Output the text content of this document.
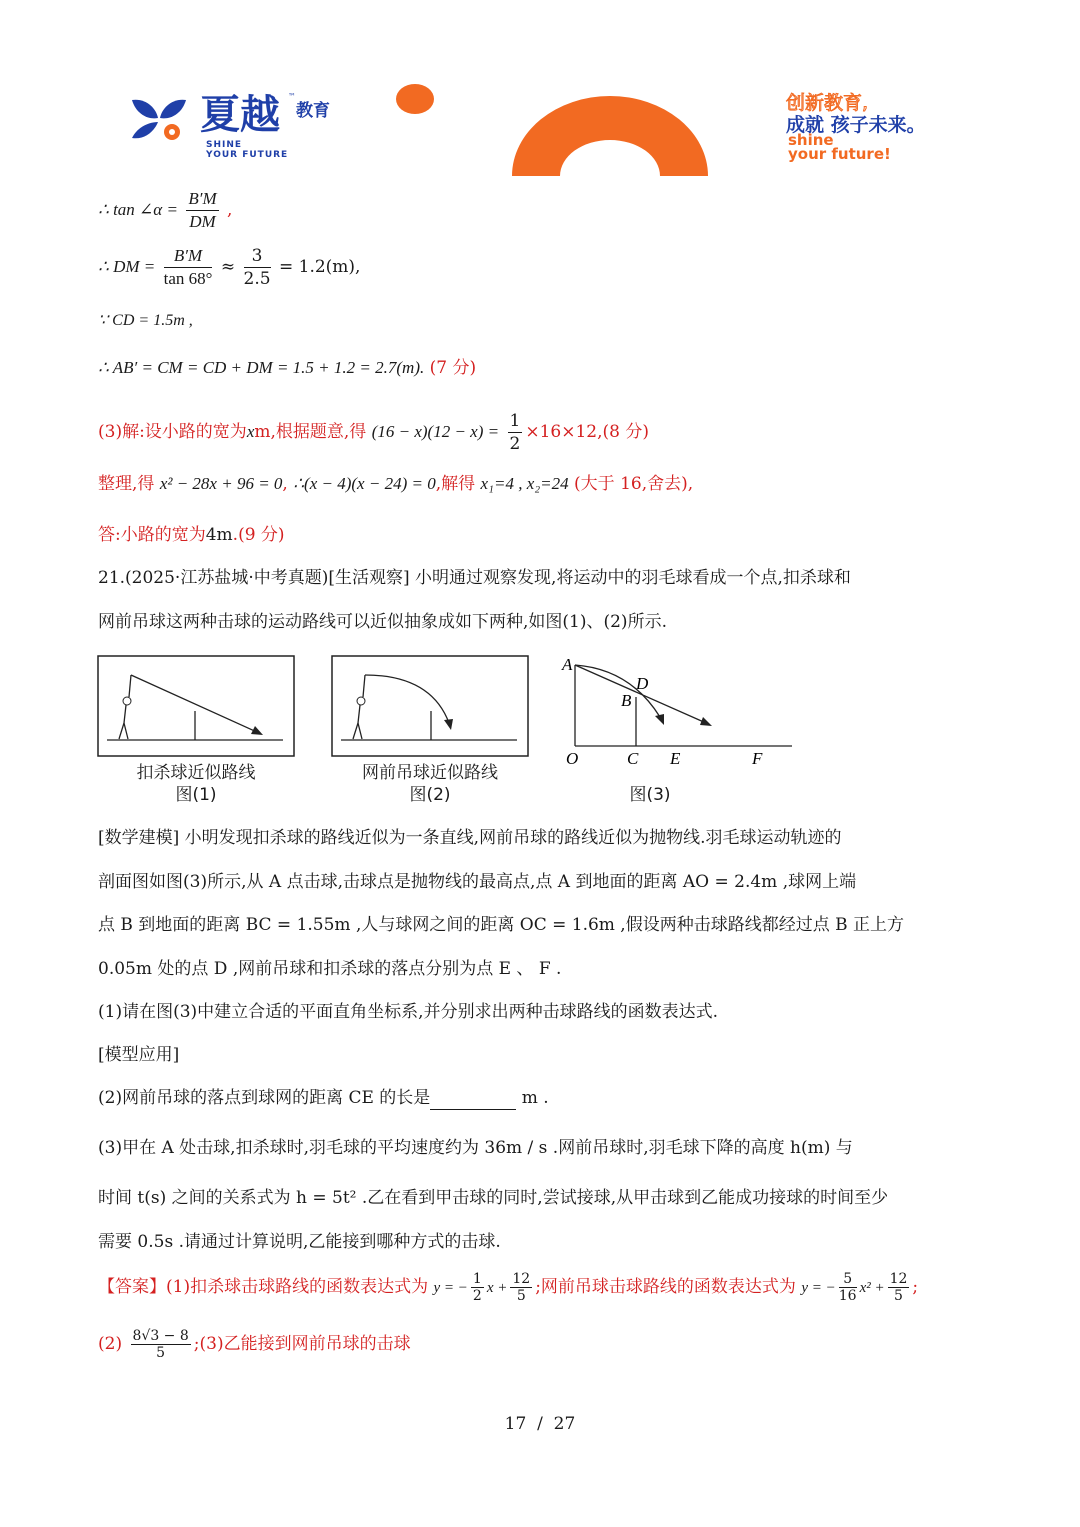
夏越 ™
教育
SHINE
YOUR FUTURE
创新教育,
成就 孩子未来。
shine
your future!
∴ tan ∠α = $\frac{B'M}{DM}$ ,
∴ DM = $\frac{B'M}{\tan 68^\circ} \approx \frac{3}{2.5} = 1.2(m)$,
∵ CD = 1.5m ,
∴ AB′ = CM = CD + DM = 1.5 + 1.2 = 2.7(m). (7 分)
(3)解:设小路的宽为xm,根据题意,得 $(16 - x)(12 - x) = \frac{1}{2} \times 16\times 12,(8$ 分)
整理,得 x² − 28x + 96 = 0, ∴(x − 4)(x − 24) = 0,解得 x₁=4 , x₂=24 (大于 16,舍去),
答:小路的宽为4m.(9 分)
21.(2025·江苏盐城·中考真题)[生活观察] 小明通过观察发现,将运动中的羽毛球看成一个点,扣杀球和
网前吊球这两种击球的运动路线可以近似抽象成如下两种,如图(1)、(2)所示.
扣杀球近似路线
图(1)
网前吊球近似路线
图(2)
A
B
D
O	C E	F
图(3)
[数学建模] 小明发现扣杀球的路线近似为一条直线,网前吊球的路线近似为抛物线.羽毛球运动轨迹的
剖面图如图(3)所示,从 A 点击球,击球点是抛物线的最高点,点 A 到地面的距离 AO = 2.4m ,球网上端
点 B 到地面的距离 BC = 1.55m ,人与球网之间的距离 OC = 1.6m ,假设两种击球路线都经过点 B 正上方
0.05m 处的点 D ,网前吊球和扣杀球的落点分别为点 E 、 F .
(1)请在图(3)中建立合适的平面直角坐标系,并分别求出两种击球路线的函数表达式.
[模型应用]
(2)网前吊球的落点到球网的距离 CE 的长是	m .
(3)甲在 A 处击球,扣杀球时,羽毛球的平均速度约为 36m / s .网前吊球时,羽毛球下降的高度 h(m) 与
时间 t(s) 之间的关系式为 h = 5t² .乙在看到甲击球的同时,尝试接球,从甲击球到乙能成功接球的时间至少
需要 0.5s .请通过计算说明,乙能接到哪种方式的击球.
【答案】(1)扣杀球击球路线的函数表达式为 y = − $\frac{1}{2}$ $x + \frac{12}{5}$ ;网前吊球击球路线的函数表达式为 y = − $\frac{5}{16} x^2 + \frac{12}{5}$ ;
$(2) \frac{8√3 - 8}{5}$ ;(3)乙能接到网前吊球的击球
17 / 27
